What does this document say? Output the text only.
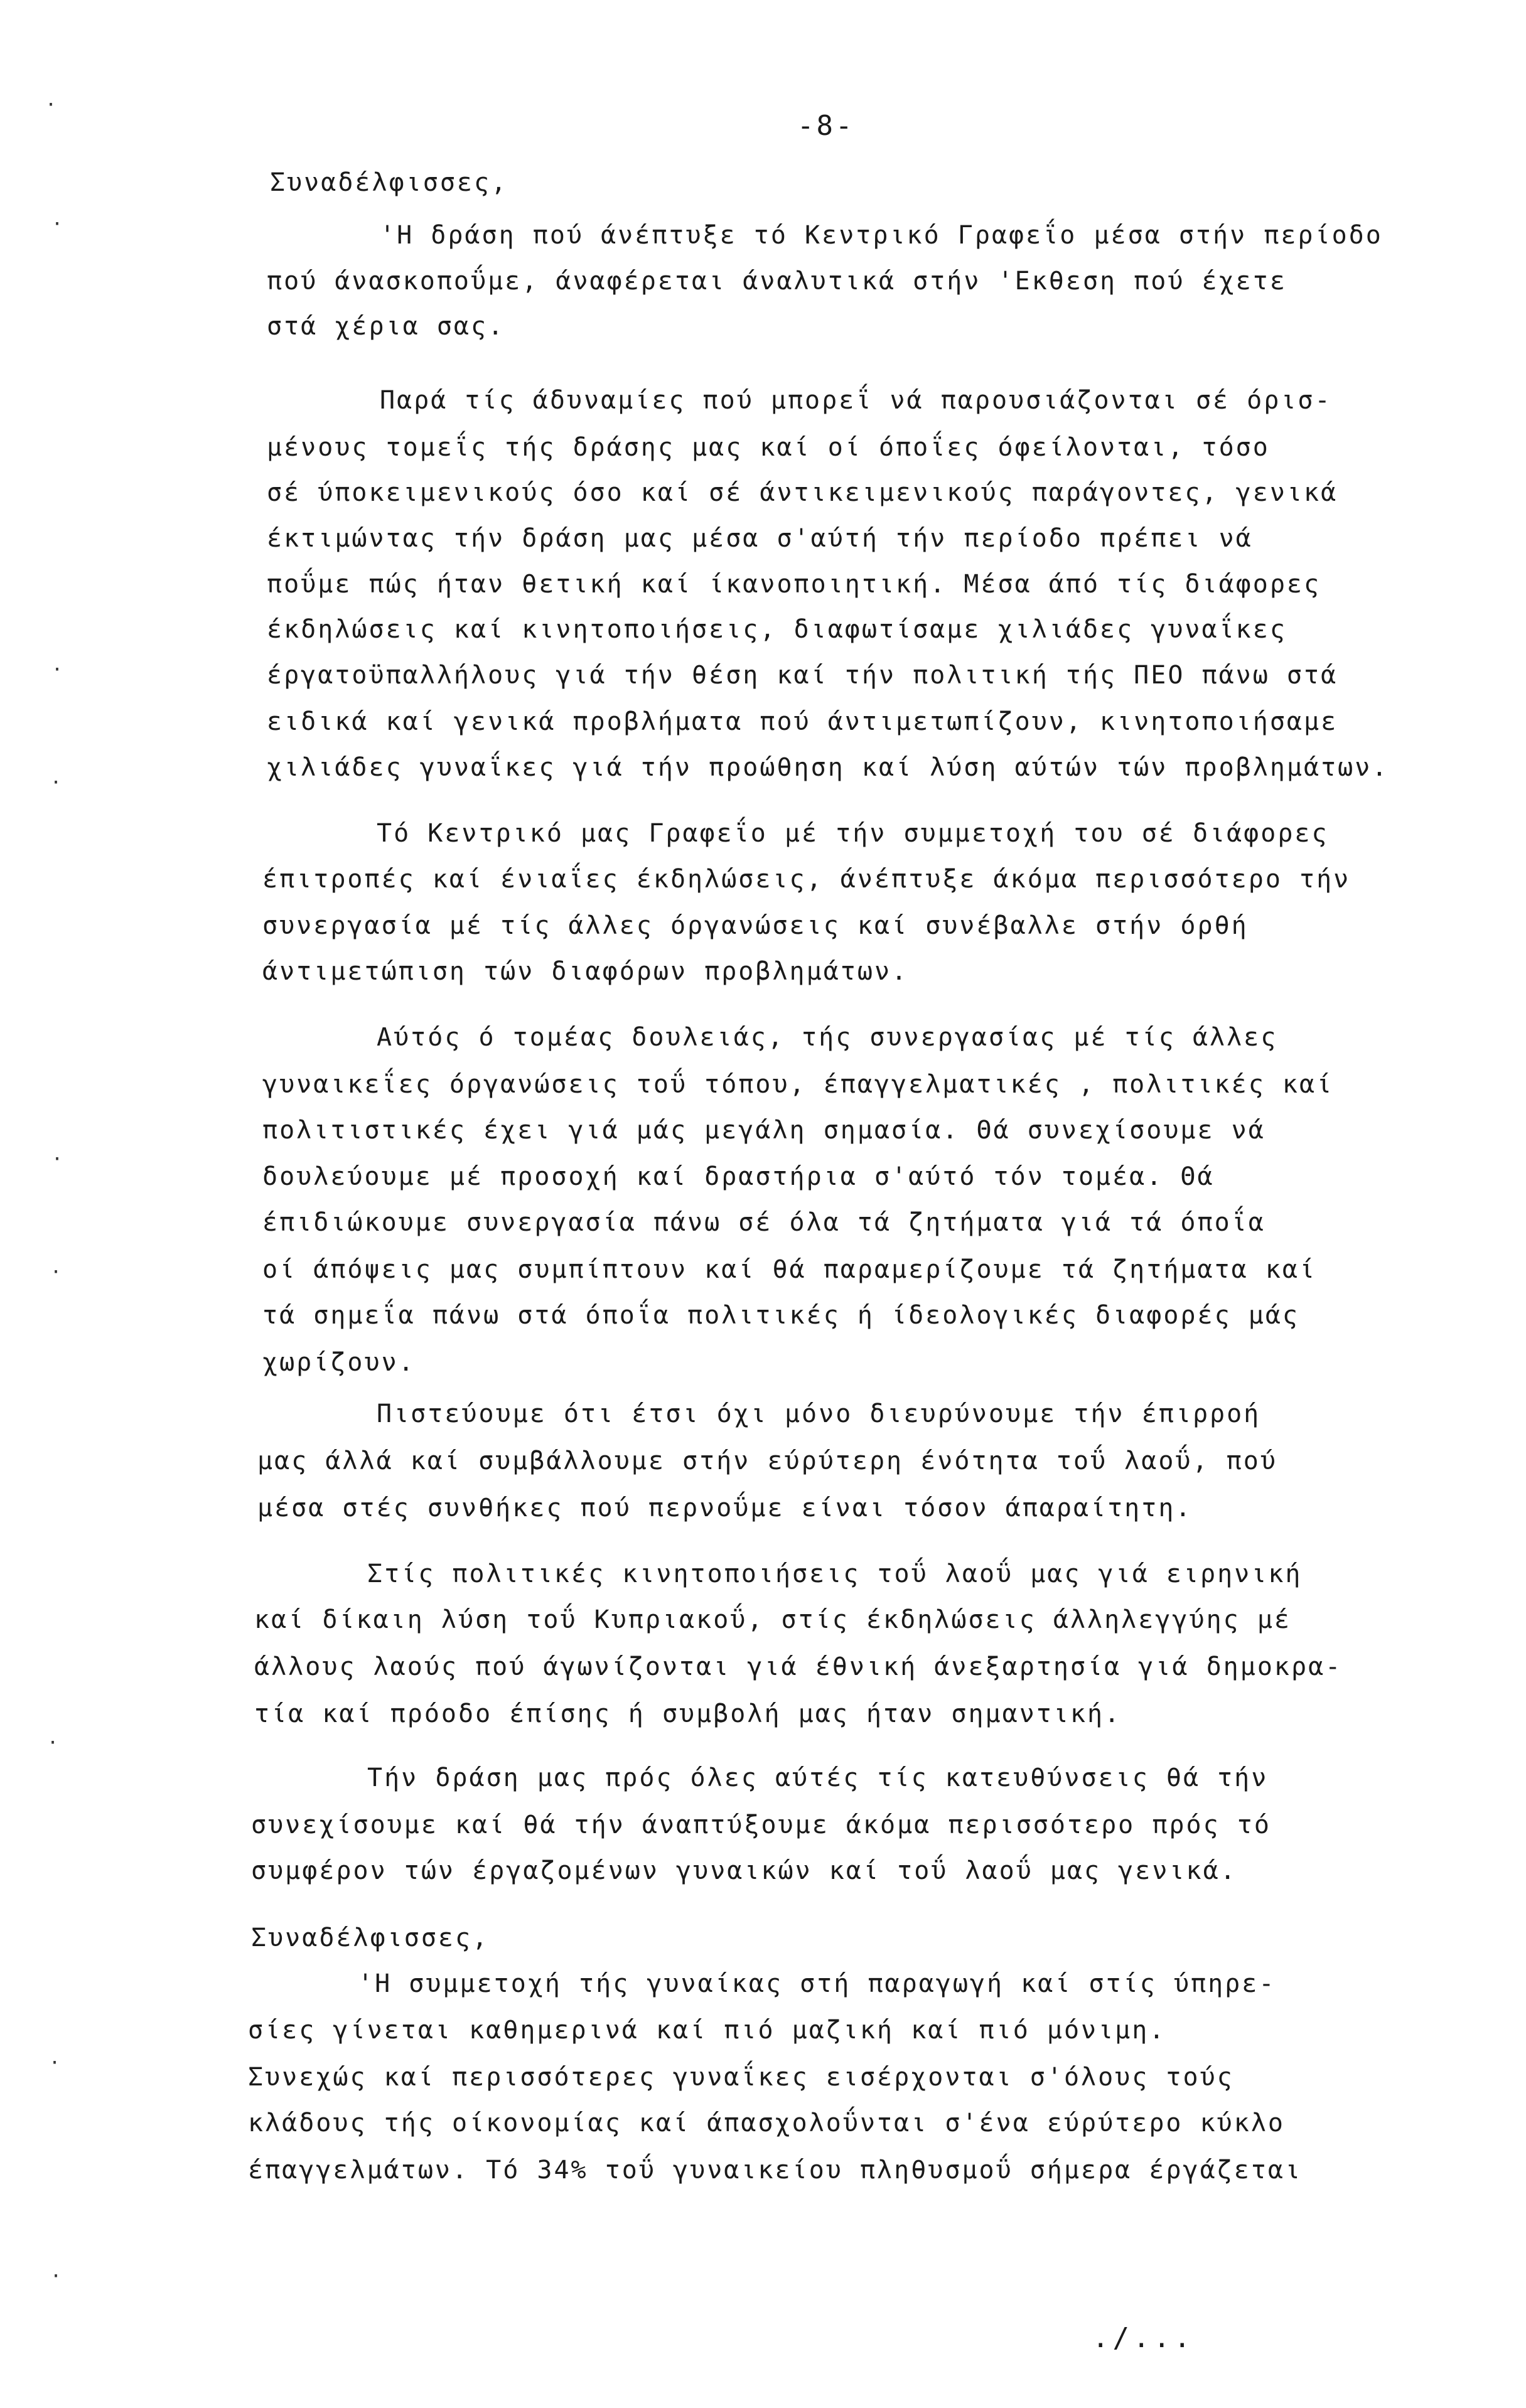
-8-
Συναδέλφισσες,
'Η δράση πού άνέπτυξε τό Κεντρικό Γραφεΐο μέσα στήν περίοδο
πού άνασκοποΰμε, άναφέρεται άναλυτικά στήν 'Εκθεση πού έχετε
στά χέρια σας.
Παρά τίς άδυναμίες πού μπορεΐ νά παρουσιάζονται σέ όρισ-
μένους τομεΐς τής δράσης μας καί οί όποΐες όφείλονται, τόσο
σέ ύποκειμενικούς όσο καί σέ άντικειμενικούς παράγοντες, γενικά
έκτιμώντας τήν δράση μας μέσα σ'αύτή τήν περίοδο πρέπει νά
ποΰμε πώς ήταν θετική καί ίκανοποιητική. Μέσα άπό τίς διάφορες
έκδηλώσεις καί κινητοποιήσεις, διαφωτίσαμε χιλιάδες γυναΐκες
έργατοϋπαλλήλους γιά τήν θέση καί τήν πολιτική τής ΠΕΟ πάνω στά
ειδικά καί γενικά προβλήματα πού άντιμετωπίζουν, κινητοποιήσαμε
χιλιάδες γυναΐκες γιά τήν προώθηση καί λύση αύτών τών προβλημάτων.
Τό Κεντρικό μας Γραφεΐο μέ τήν συμμετοχή του σέ διάφορες
έπιτροπές καί ένιαΐες έκδηλώσεις, άνέπτυξε άκόμα περισσότερο τήν
συνεργασία μέ τίς άλλες όργανώσεις καί συνέβαλλε στήν όρθή
άντιμετώπιση τών διαφόρων προβλημάτων.
Αύτός ό τομέας δουλειάς, τής συνεργασίας μέ τίς άλλες
γυναικεΐες όργανώσεις τοΰ τόπου, έπαγγελματικές , πολιτικές καί
πολιτιστικές έχει γιά μάς μεγάλη σημασία. Θά συνεχίσουμε νά
δουλεύουμε μέ προσοχή καί δραστήρια σ'αύτό τόν τομέα. Θά
έπιδιώκουμε συνεργασία πάνω σέ όλα τά ζητήματα γιά τά όποΐα
οί άπόψεις μας συμπίπτουν καί θά παραμερίζουμε τά ζητήματα καί
τά σημεΐα πάνω στά όποΐα πολιτικές ή ίδεολογικές διαφορές μάς
χωρίζουν.
Πιστεύουμε ότι έτσι όχι μόνο διευρύνουμε τήν έπιρροή
μας άλλά καί συμβάλλουμε στήν εύρύτερη ένότητα τοΰ λαοΰ, πού
μέσα στές συνθήκες πού περνοΰμε είναι τόσον άπαραίτητη.
Στίς πολιτικές κινητοποιήσεις τοΰ λαοΰ μας γιά ειρηνική
καί δίκαιη λύση τοΰ Κυπριακοΰ, στίς έκδηλώσεις άλληλεγγύης μέ
άλλους λαούς πού άγωνίζονται γιά έθνική άνεξαρτησία γιά δημοκρα-
τία καί πρόοδο έπίσης ή συμβολή μας ήταν σημαντική.
Τήν δράση μας πρός όλες αύτές τίς κατευθύνσεις θά τήν
συνεχίσουμε καί θά τήν άναπτύξουμε άκόμα περισσότερο πρός τό
συμφέρον τών έργαζομένων γυναικών καί τοΰ λαοΰ μας γενικά.
Συναδέλφισσες,
'Η συμμετοχή τής γυναίκας στή παραγωγή καί στίς ύπηρε-
σίες γίνεται καθημερινά καί πιό μαζική καί πιό μόνιμη.
Συνεχώς καί περισσότερες γυναΐκες εισέρχονται σ'όλους τούς
κλάδους τής οίκονομίας καί άπασχολοΰνται σ'ένα εύρύτερο κύκλο
έπαγγελμάτων. Τό 34% τοΰ γυναικείου πληθυσμοΰ σήμερα έργάζεται
./...
·
·
·
·
·
·
·
·
·
